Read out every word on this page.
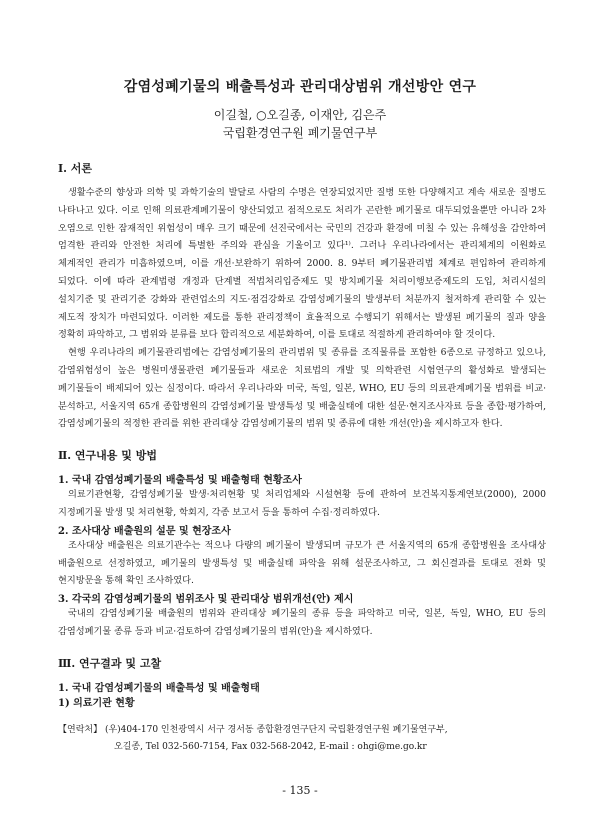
감염성폐기물의 배출특성과 관리대상범위 개선방안 연구
이길철, ○오길종, 이재안, 김은주
국립환경연구원 폐기물연구부

Ⅰ. 서론

생활수준의 향상과 의학 및 과학기술의 발달로 사람의 수명은 연장되었지만 질병 또한 다양해지고 계속 새로운 질병도 나타나고 있다. 이로 인해 의료관계폐기물이 양산되었고 점적으로도 처리가 곤란한 폐기물로 대두되었을뿐만 아니라 2차 오염으로 인한 잠재적인 위험성이 매우 크기 때문에 선진국에서는 국민의 건강과 환경에 미칠 수 있는 유해성을 감안하여 엄격한 관리와 안전한 처리에 특별한 주의와 관심을 기울이고 있다¹⁾. 그러나 우리나라에서는 관리체계의 이원화로 체계적인 관리가 미흡하였으며, 이를 개선·보완하기 위하여 2000. 8. 9부터 폐기물관리법 체계로 편입하여 관리하게 되었다. 이에 따라 관계법령 개정과 단계별 적법처리입증제도 및 방치폐기물 처리이행보증제도의 도입, 처리시설의 설치기준 및 관리기준 강화와 관련업소의 지도·점검강화로 감염성폐기물의 발생부터 처분까지 철저하게 관리할 수 있는 제도적 장치가 마련되었다. 이러한 제도를 통한 관리정책이 효율적으로 수행되기 위해서는 발생된 폐기물의 질과 양을 정확히 파악하고, 그 범위와 분류를 보다 합리적으로 세분화하여, 이를 토대로 적절하게 관리하여야 할 것이다.

현행 우리나라의 폐기물관리법에는 감염성폐기물의 관리범위 및 종류를 조직물류를 포함한 6종으로 규정하고 있으나, 감염위험성이 높은 병원미생물관련 폐기물들과 새로운 치료법의 개발 및 의학관련 시험연구의 활성화로 발생되는 폐기물들이 배제되어 있는 실정이다. 따라서 우리나라와 미국, 독일, 일본, WHO, EU 등의 의료관계폐기물 범위를 비교·분석하고, 서울지역 65개 종합병원의 감염성폐기물 발생특성 및 배출실태에 대한 설문·현지조사자료 등을 종합·평가하여, 감염성폐기물의 적정한 관리를 위한 관리대상 감염성폐기물의 범위 및 종류에 대한 개선(안)을 제시하고자 한다.

Ⅱ. 연구내용 및 방법

1. 국내 감염성폐기물의 배출특성 및 배출형태 현황조사

의료기관현황, 감염성폐기물 발생·처리현황 및 처리업체와 시설현황 등에 관하여 보건복지통계연보(2000), 2000 지정폐기물 발생 및 처리현황, 학회지, 각종 보고서 등을 통하여 수집·정리하였다.

2. 조사대상 배출원의 설문 및 현장조사

조사대상 배출원은 의료기관수는 적으나 다량의 폐기물이 발생되며 규모가 큰 서울지역의 65개 종합병원을 조사대상 배출원으로 선정하였고, 폐기물의 발생특성 및 배출실태 파악을 위해 설문조사하고, 그 회신결과를 토대로 전화 및 현지방문을 통해 확인 조사하였다.

3. 각국의 감염성폐기물의 범위조사 및 관리대상 범위개선(안) 제시

국내의 감염성폐기물 배출원의 범위와 관리대상 폐기물의 종류 등을 파악하고 미국, 일본, 독일, WHO, EU 등의 감염성폐기물 종류 등과 비교·검토하여 감염성폐기물의 범위(안)을 제시하였다.

Ⅲ. 연구결과 및 고찰

1. 국내 감염성폐기물의 배출특성 및 배출형태

1) 의료기관 현황

【연락처】 (우)404-170 인천광역시 서구 경서동 종합환경연구단지 국립환경연구원 폐기물연구부,
오길종, Tel 032-560-7154, Fax 032-568-2042, E-mail : ohgi@me.go.kr
- 135 -
